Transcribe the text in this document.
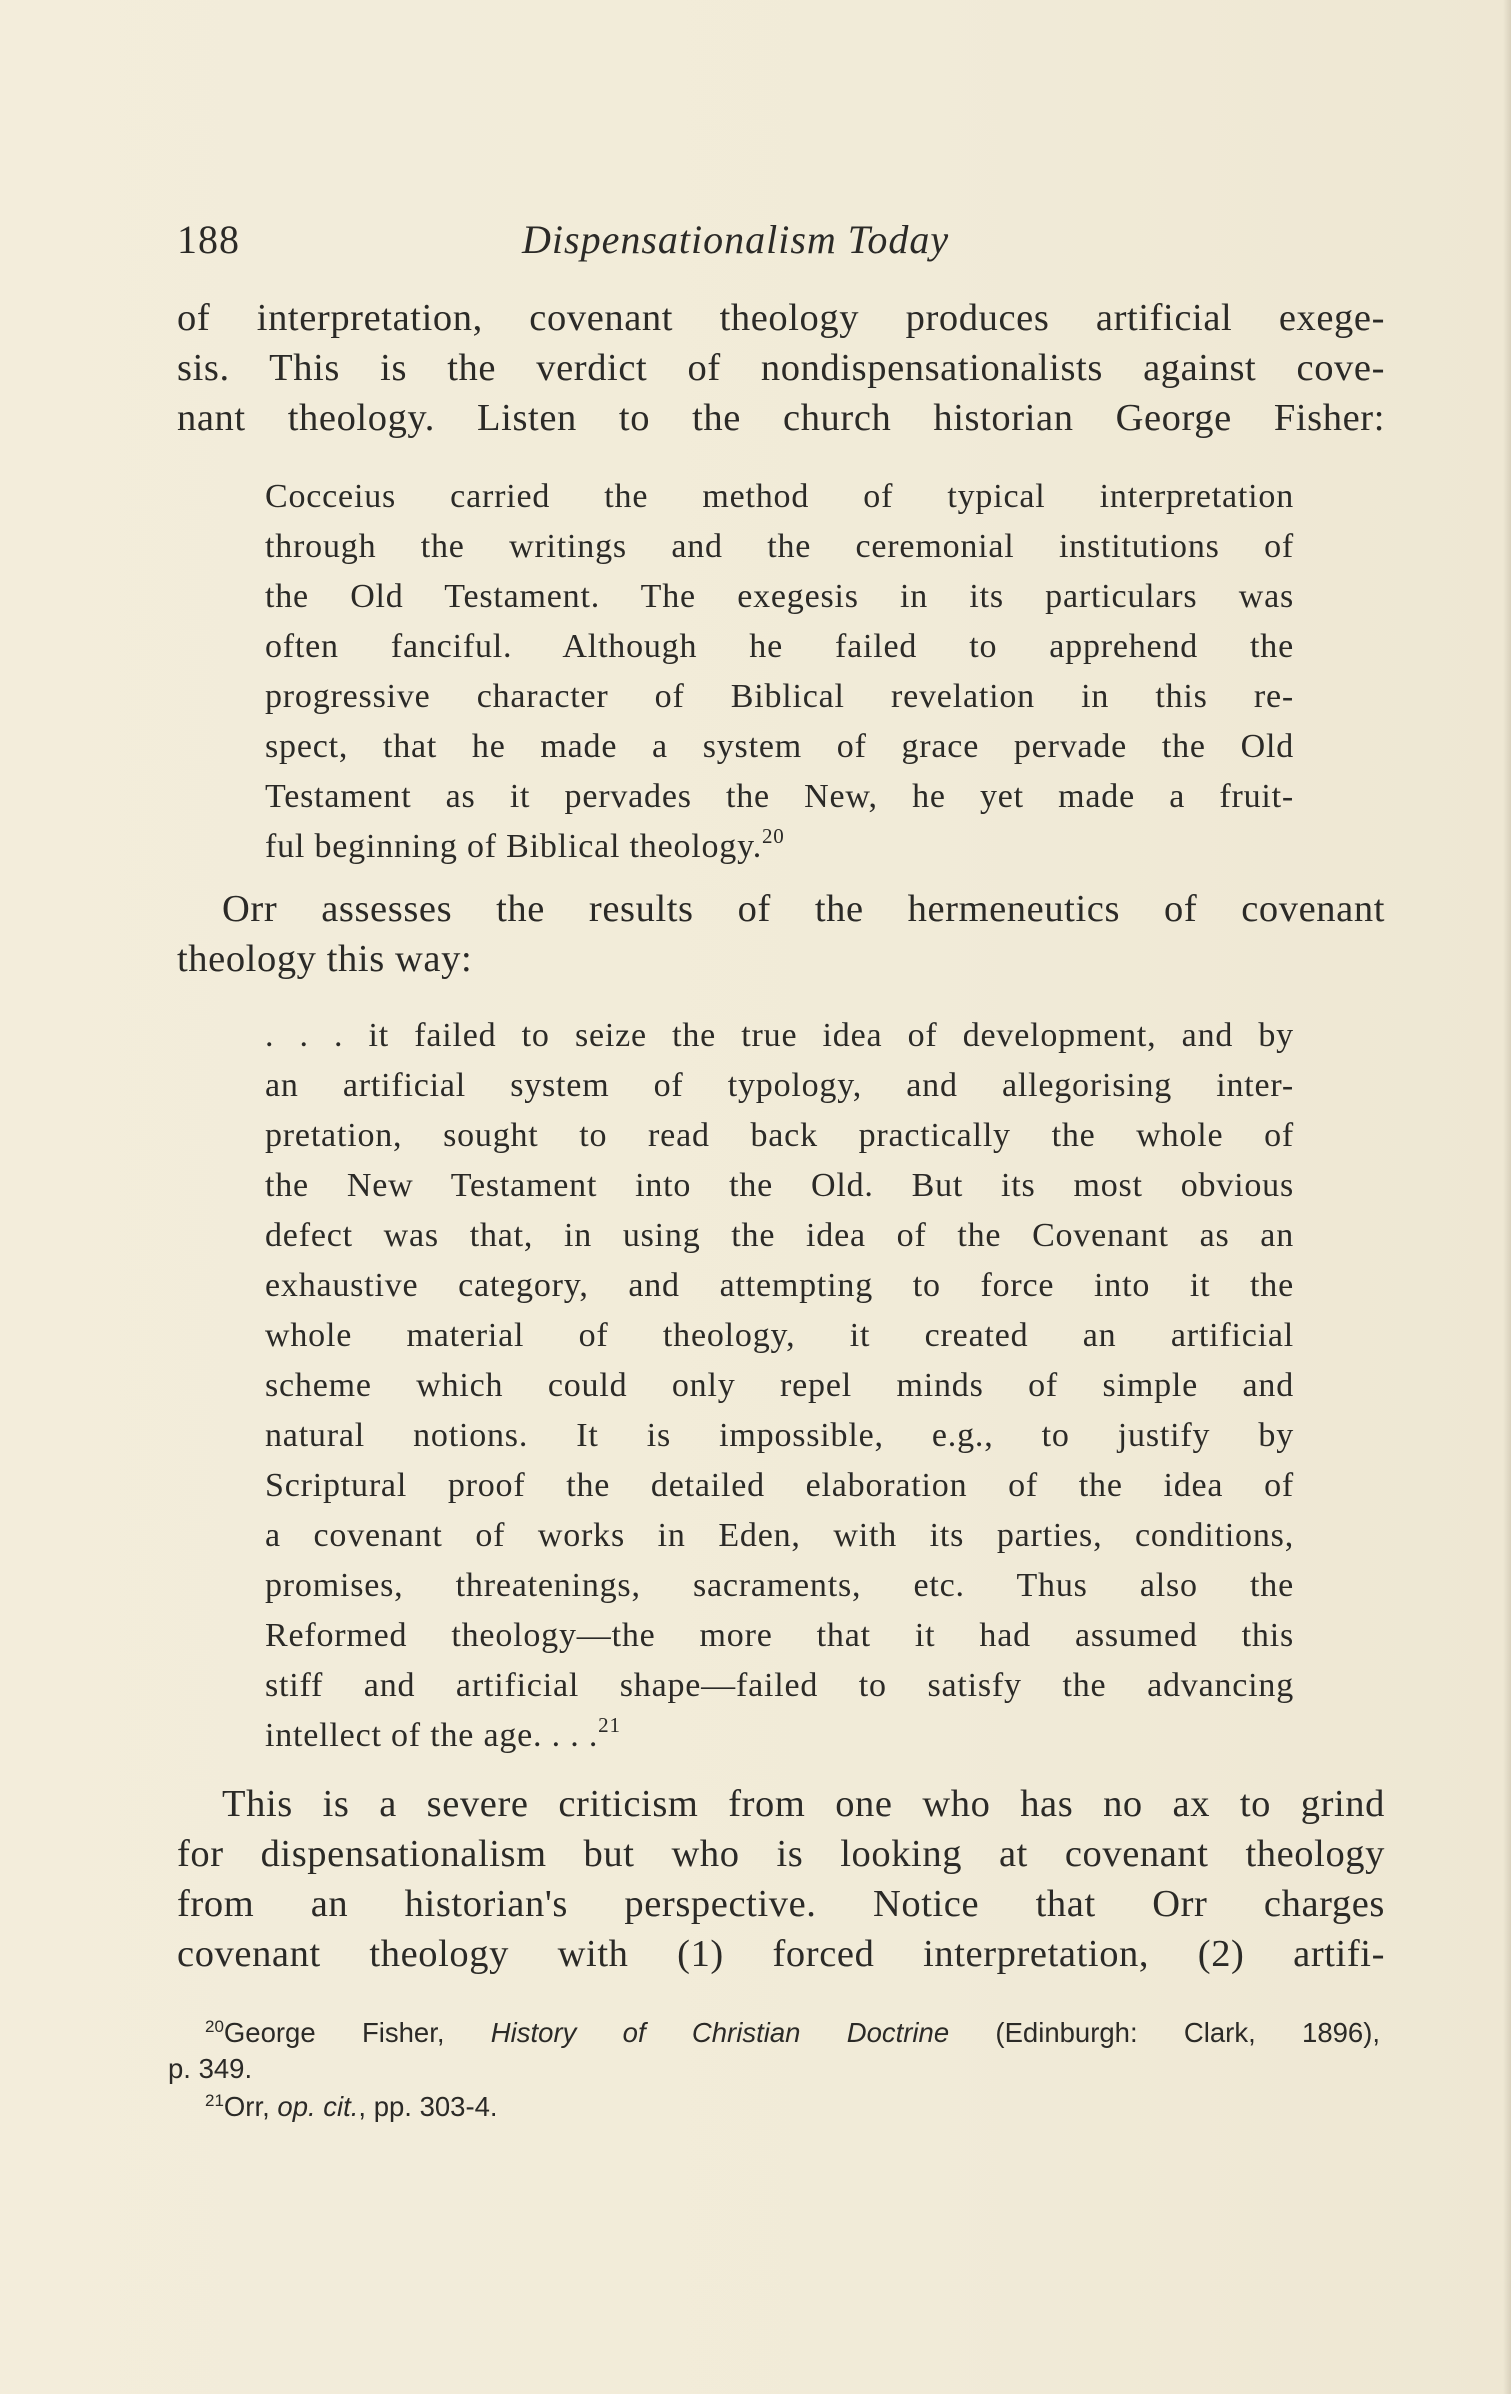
188	Dispensationalism Today
of interpretation, covenant theology produces artificial exege-
sis. This is the verdict of nondispensationalists against cove-
nant theology. Listen to the church historian George Fisher:
Cocceius carried the method of typical interpretation
through the writings and the ceremonial institutions of
the Old Testament. The exegesis in its particulars was
often fanciful. Although he failed to apprehend the
progressive character of Biblical revelation in this re-
spect, that he made a system of grace pervade the Old
Testament as it pervades the New, he yet made a fruit-
ful beginning of Biblical theology.$^{20}$
Orr assesses the results of the hermeneutics of covenant
theology this way:
. . . it failed to seize the true idea of development, and by
an artificial system of typology, and allegorising inter-
pretation, sought to read back practically the whole of
the New Testament into the Old. But its most obvious
defect was that, in using the idea of the Covenant as an
exhaustive category, and attempting to force into it the
whole material of theology, it created an artificial
scheme which could only repel minds of simple and
natural notions. It is impossible, e.g., to justify by
Scriptural proof the detailed elaboration of the idea of
a covenant of works in Eden, with its parties, conditions,
promises, threatenings, sacraments, etc. Thus also the
Reformed theology—the more that it had assumed this
stiff and artificial shape—failed to satisfy the advancing
intellect of the age. . . .$^{21}$
This is a severe criticism from one who has no ax to grind
for dispensationalism but who is looking at covenant theology
from an historian's perspective. Notice that Orr charges
covenant theology with (1) forced interpretation, (2) artifi-
$^{20}$George Fisher, History of Christian Doctrine (Edinburgh: Clark, 1896),
p. 349.
$^{21}$Orr, op. cit., pp. 303-4.
